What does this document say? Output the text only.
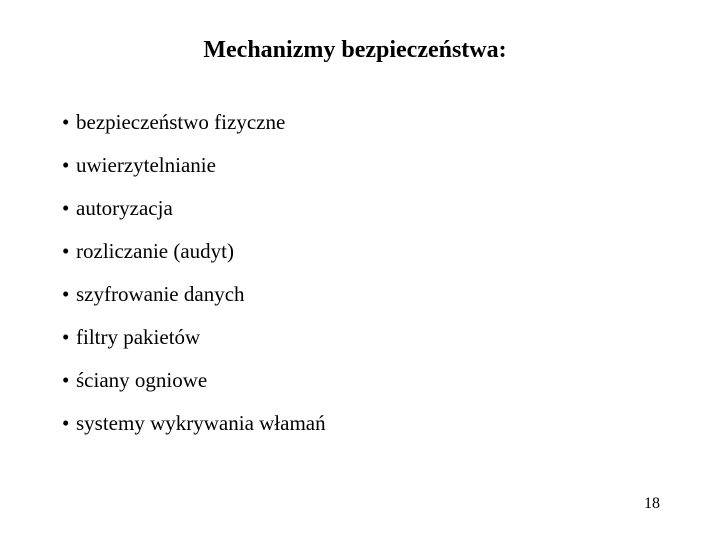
Mechanizmy bezpieczeństwa:
• bezpieczeństwo fizyczne
• uwierzytelnianie
• autoryzacja
• rozliczanie (audyt)
• szyfrowanie danych
• filtry pakietów
• ściany ogniowe
• systemy wykrywania włamań
18
